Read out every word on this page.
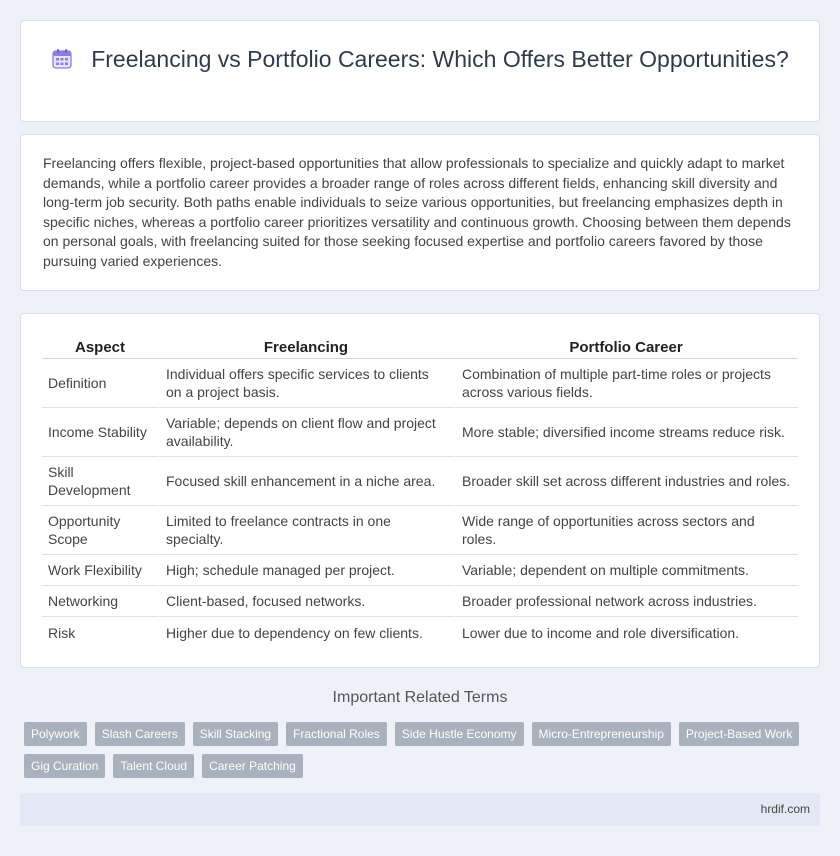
Freelancing vs Portfolio Careers: Which Offers Better Opportunities?

Freelancing offers flexible, project-based opportunities that allow professionals to specialize and quickly adapt to market demands, while a portfolio career provides a broader range of roles across different fields, enhancing skill diversity and long-term job security. Both paths enable individuals to seize various opportunities, but freelancing emphasizes depth in specific niches, whereas a portfolio career prioritizes versatility and continuous growth. Choosing between them depends on personal goals, with freelancing suited for those seeking focused expertise and portfolio careers favored by those pursuing varied experiences.

Aspect	Freelancing	Portfolio Career
Definition	Individual offers specific services to clients on a project basis.	Combination of multiple part-time roles or projects across various fields.
Income Stability	Variable; depends on client flow and project availability.	More stable; diversified income streams reduce risk.
Skill Development	Focused skill enhancement in a niche area.	Broader skill set across different industries and roles.
Opportunity Scope	Limited to freelance contracts in one specialty.	Wide range of opportunities across sectors and roles.
Work Flexibility	High; schedule managed per project.	Variable; dependent on multiple commitments.
Networking	Client-based, focused networks.	Broader professional network across industries.
Risk	Higher due to dependency on few clients.	Lower due to income and role diversification.
Important Related Terms
Polywork	Slash Careers	Skill Stacking	Fractional Roles	Side Hustle Economy	Micro-Entrepreneurship	Project-Based Work
Gig Curation	Talent Cloud	Career Patching
hrdif.com
